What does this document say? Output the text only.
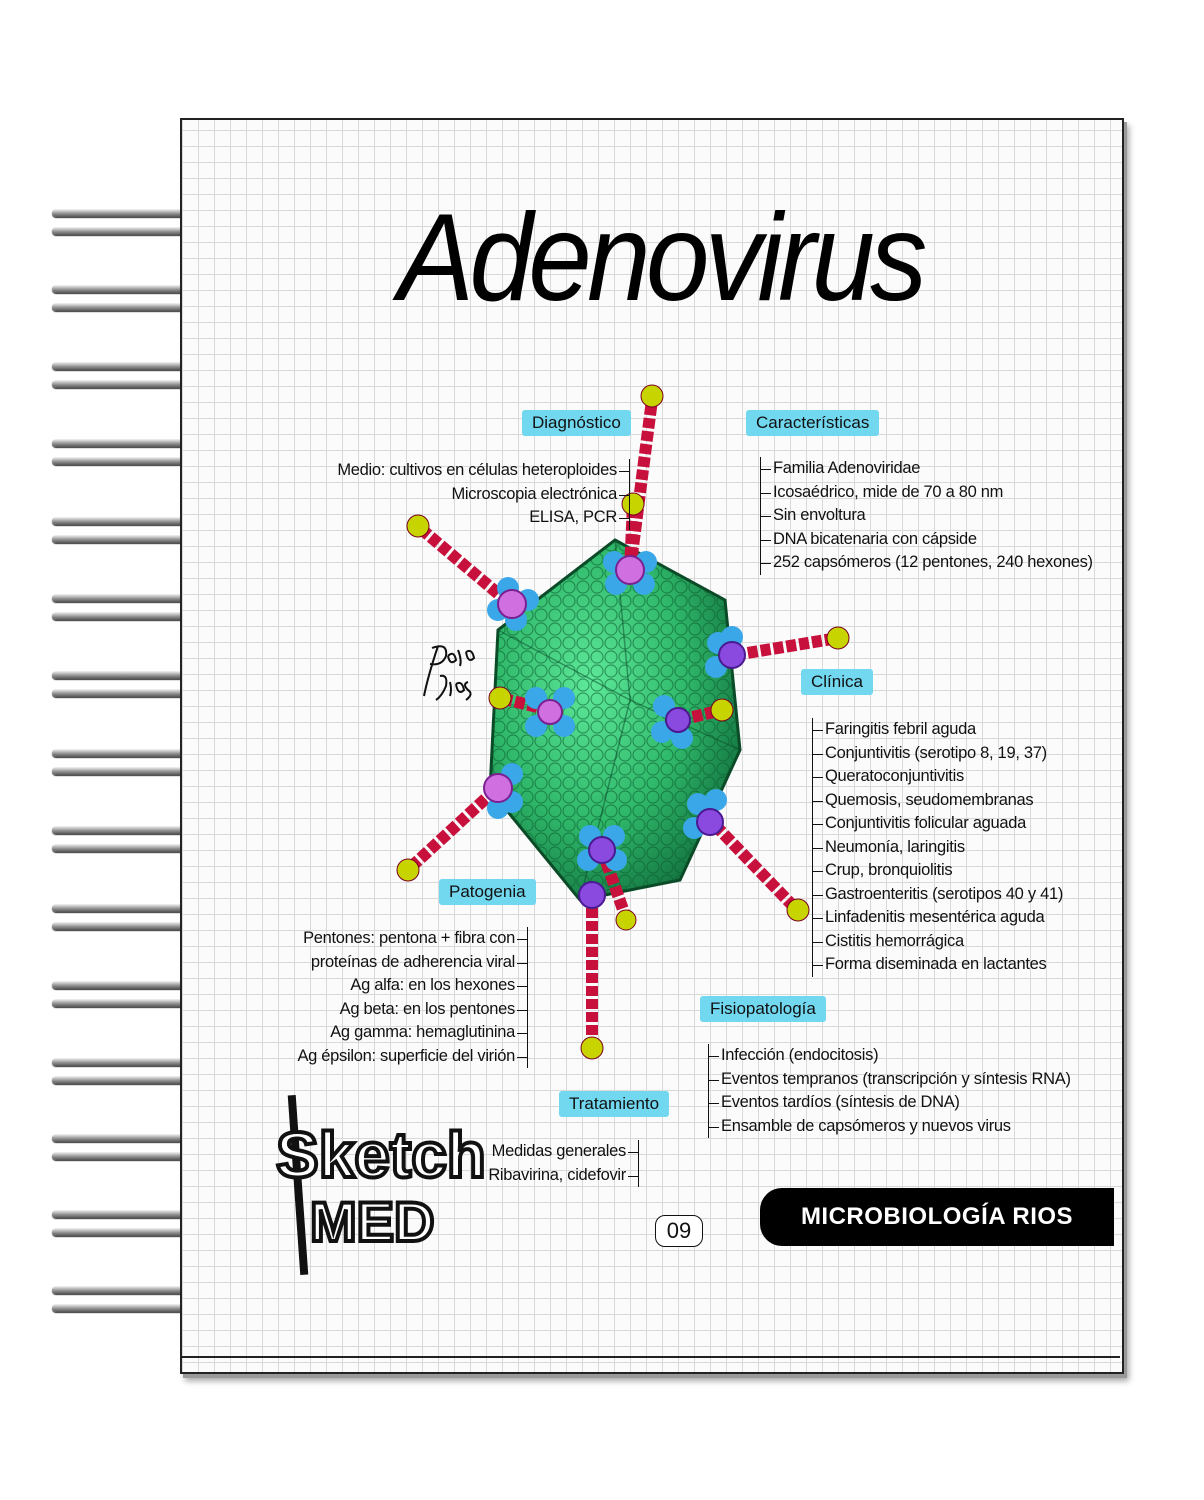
Adenovirus
Diagnóstico
Medio: cultivos en células heteroploides
Microscopia electrónica
ELISA, PCR
Características
Familia Adenoviridae
Icosaédrico, mide de 70 a 80 nm
Sin envoltura
DNA bicatenaria con cápside
252 capsómeros (12 pentones, 240 hexones)
Clínica
Faringitis febril aguda
Conjuntivitis (serotipo 8, 19, 37)
Queratoconjuntivitis
Quemosis, seudomembranas
Conjuntivitis folicular aguada
Neumonía, laringitis
Crup, bronquiolitis
Gastroenteritis (serotipos 40 y 41)
Linfadenitis mesentérica aguda
Cistitis hemorrágica
Forma diseminada en lactantes
Patogenia
Pentones: pentona + fibra con
proteínas de adherencia viral
Ag alfa: en los hexones
Ag beta: en los pentones
Ag gamma: hemaglutinina
Ag épsilon: superficie del virión
Fisiopatología
Infección (endocitosis)
Eventos tempranos (transcripción y síntesis RNA)
Eventos tardíos (síntesis de DNA)
Ensamble de capsómeros y nuevos virus
Tratamiento
Medidas generales
Ribavirina, cidefovir
Sketch
MED	09
MICROBIOLOGÍA RIOS
